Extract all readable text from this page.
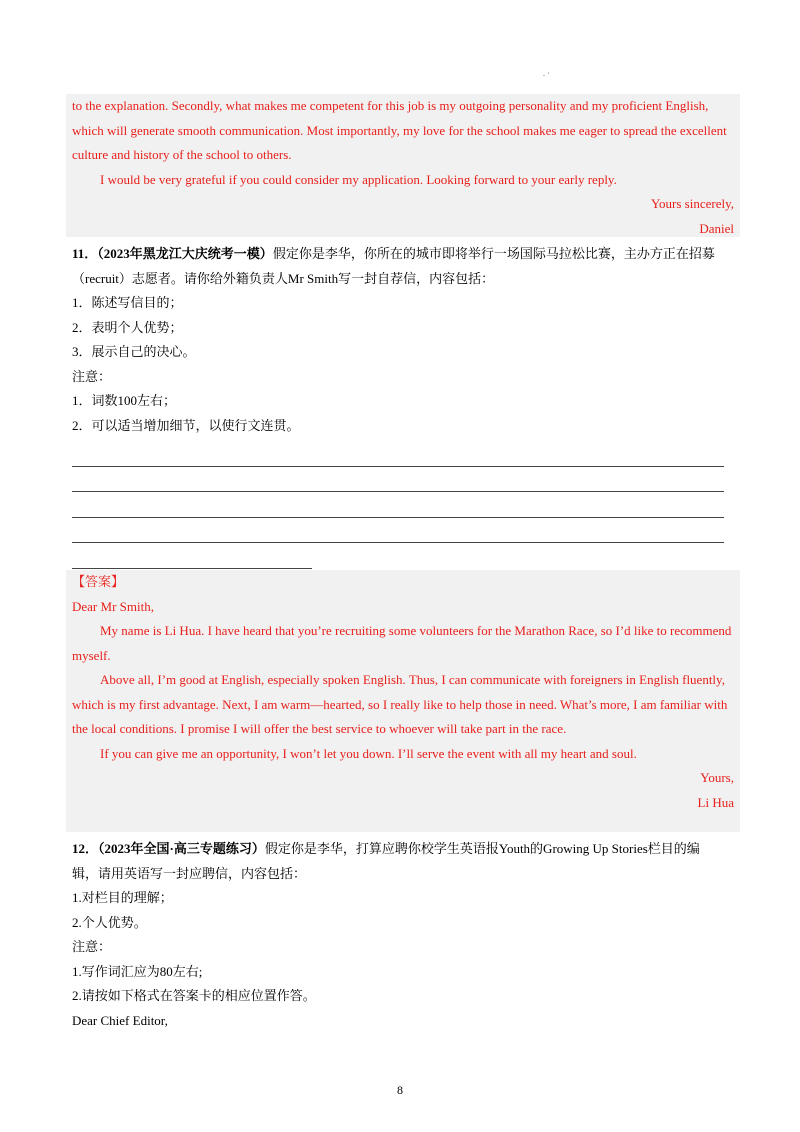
. ·

to the explanation. Secondly, what makes me competent for this job is my outgoing personality and my proficient English, which will generate smooth communication. Most importantly, my love for the school makes me eager to spread the excellent culture and history of the school to others.

I would be very grateful if you could consider my application. Looking forward to your early reply.

Yours sincerely,

Daniel

11．（2023年黑龙江大庆统考一模）假定你是李华，你所在的城市即将举行一场国际马拉松比赛，主办方正在招募（recruit）志愿者。请你给外籍负责人Mr Smith写一封自荐信，内容包括：

1．陈述写信目的；

2．表明个人优势；

3．展示自己的决心。

注意：

1．词数100左右；

2．可以适当增加细节，以使行文连贯。

【答案】

Dear Mr Smith,

My name is Li Hua. I have heard that you’re recruiting some volunteers for the Marathon Race, so I’d like to recommend myself.

Above all, I’m good at English, especially spoken English. Thus, I can communicate with foreigners in English fluently, which is my first advantage. Next, I am warm—hearted, so I really like to help those in need. What’s more, I am familiar with the local conditions. I promise I will offer the best service to whoever will take part in the race.

If you can give me an opportunity, I won’t let you down. I’ll serve the event with all my heart and soul.

Yours,

Li Hua

12．（2023年全国·高三专题练习）假定你是李华，打算应聘你校学生英语报Youth的Growing Up Stories栏目的编辑，请用英语写一封应聘信，内容包括：

1.对栏目的理解；

2.个人优势。

注意：

1.写作词汇应为80左右;

2.请按如下格式在答案卡的相应位置作答。

Dear Chief Editor,

8
